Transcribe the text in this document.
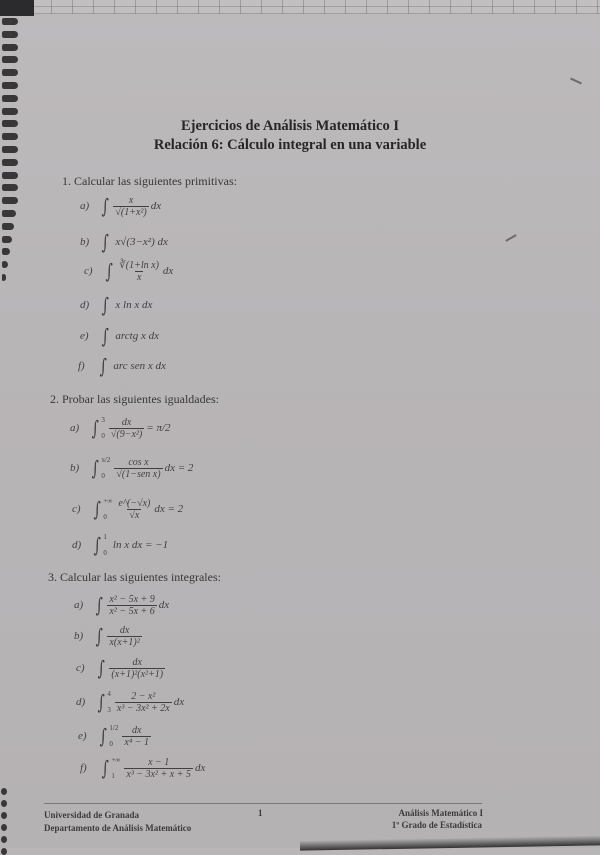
Ejercicios de Análisis Matemático I
Relación 6: Cálculo integral en una variable
1. Calcular las siguientes primitivas:
a) ∫ $\frac{x}{\text{√(1+x²)}}$ dx
b) ∫ x√(3−x²) dx
c) ∫ $\frac{\text{∛(1+ln x)}}{x}$ dx
d) ∫ x ln x dx
e) ∫ arctg x dx
f) ∫ arc sen x dx
2. Probar las siguientes igualdades:
a) ∫ 3
$0 \frac{dx}{\text{√(9−x²)}} = \pi/2$
b) ∫ π/2
$0 \frac{\text{cos x}}{\text{√(1−sen x)}}$ dx = 2
c) ∫ +∞
$0 \frac{e\^{}(-√x)}{√x}$ dx = 2
d) ∫ 1
0
ln x dx = −1
3. Calcular las siguientes integrales:
a) ∫ $\frac{\text{x² − 5x + 9}}{\text{x² − 5x + 6}}$ dx
b) ∫ $\frac{dx}{\text{x(x+1)²}}$
c) ∫ $\frac{dx}{\text{(x+1)²(x²+1)}}$
d) ∫ 4
$3 \frac{\text{2 − x²}}{\text{x³ − 3x² + 2x}}$ dx
e) ∫ 1/2
$0 \frac{dx}{\text{x⁴ − 1}}$
f) ∫ +∞
$1 \frac{x - 1}{\text{x³ − 3x² + x + 5}}$ dx
Universidad de Granada
Departamento de Análisis Matemático
1	Análisis Matemático I
1º Grado de Estadística
